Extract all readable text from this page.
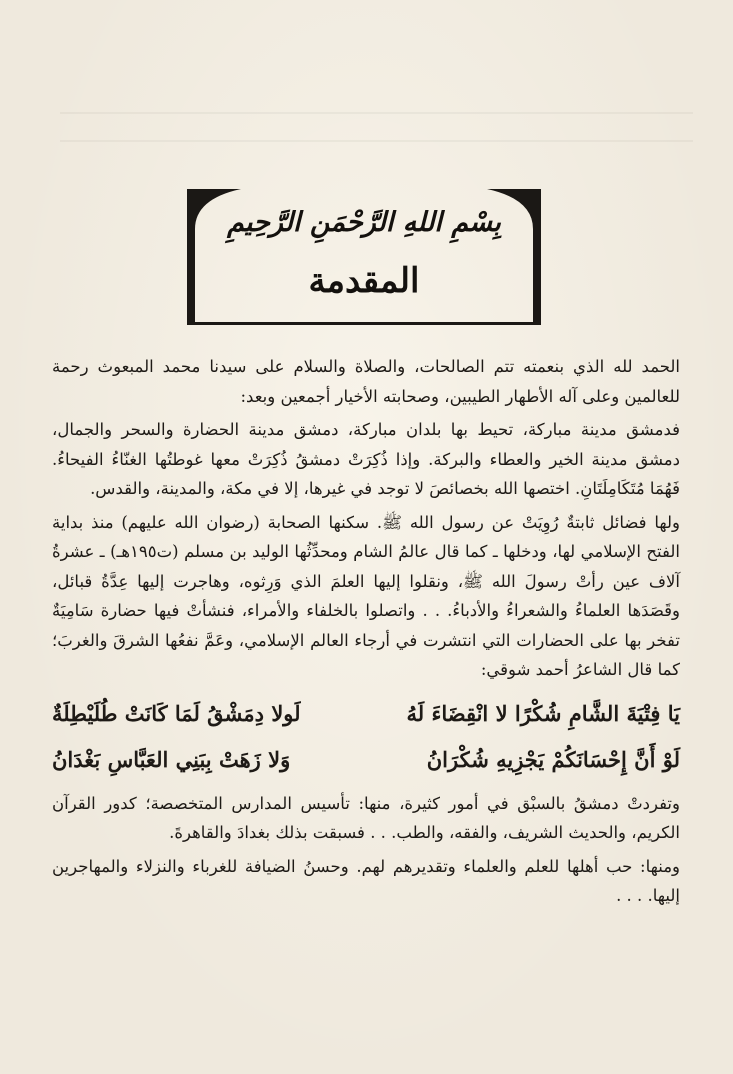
بِسْمِ اللهِ الرَّحْمَنِ الرَّحِيمِ
المقدمة

الحمد لله الذي بنعمته تتم الصالحات، والصلاة والسلام على سيدنا محمد المبعوث رحمة للعالمين وعلى آله الأطهار الطيبين، وصحابته الأخيار أجمعين وبعد:

فدمشق مدينة مباركة، تحيط بها بلدان مباركة، دمشق مدينة الحضارة والسحر والجمال، دمشق مدينة الخير والعطاء والبركة. وإذا ذُكِرَتْ دمشقُ ذُكِرَتْ معها غوطتُها الغنّاءُ الفيحاءُ. فَهُمَا مُتَكَامِلَتَانِ. اختصها الله بخصائصَ لا توجد في غيرها، إلا في مكة، والمدينة، والقدس.

ولها فضائل ثابتةٌ رُوِيَتْ عن رسول الله ﷺ. سكنها الصحابة (رضوان الله عليهم) منذ بداية الفتح الإسلامي لها، ودخلها ـ كما قال عالمُ الشام ومحدِّثُها الوليد بن مسلم (ت١٩٥هـ) ـ عشرةُ آلاف عين رأتْ رسولَ الله ﷺ، ونقلوا إليها العلمَ الذي وَرِثوه، وهاجرت إليها عِدَّةُ قبائل، وقَصَدَها العلماءُ والشعراءُ والأدباءُ. . . واتصلوا بالخلفاء والأمراء، فنشأتْ فيها حضارة سَامِيَةٌ تفخر بها على الحضارات التي انتشرت في أرجاء العالم الإسلامي، وعَمَّ نفعُها الشرقَ والغربَ؛ كما قال الشاعرُ أحمد شوقي:

يَا فِتْيَةَ الشَّامِ شُكْرًا لا انْقِضَاءَ لَهُ
لَولا دِمَشْقُ لَمَا كَانَتْ طُلَيْطِلَةٌ
لَوْ أَنَّ إِحْسَانَكُمْ يَجْزِيهِ شُكْرَانُ
وَلا زَهَتْ بِبَنِي العَبَّاسِ بَغْدَانُ

وتفردتْ دمشقُ بالسبْق في أمور كثيرة، منها: تأسيس المدارس المتخصصة؛ كدور القرآن الكريم، والحديث الشريف، والفقه، والطب. . . فسبقت بذلك بغدادَ والقاهرةَ.

ومنها: حب أهلها للعلم والعلماء وتقديرهم لهم. وحسنُ الضيافة للغرباء والنزلاء والمهاجرين إليها. . . .
